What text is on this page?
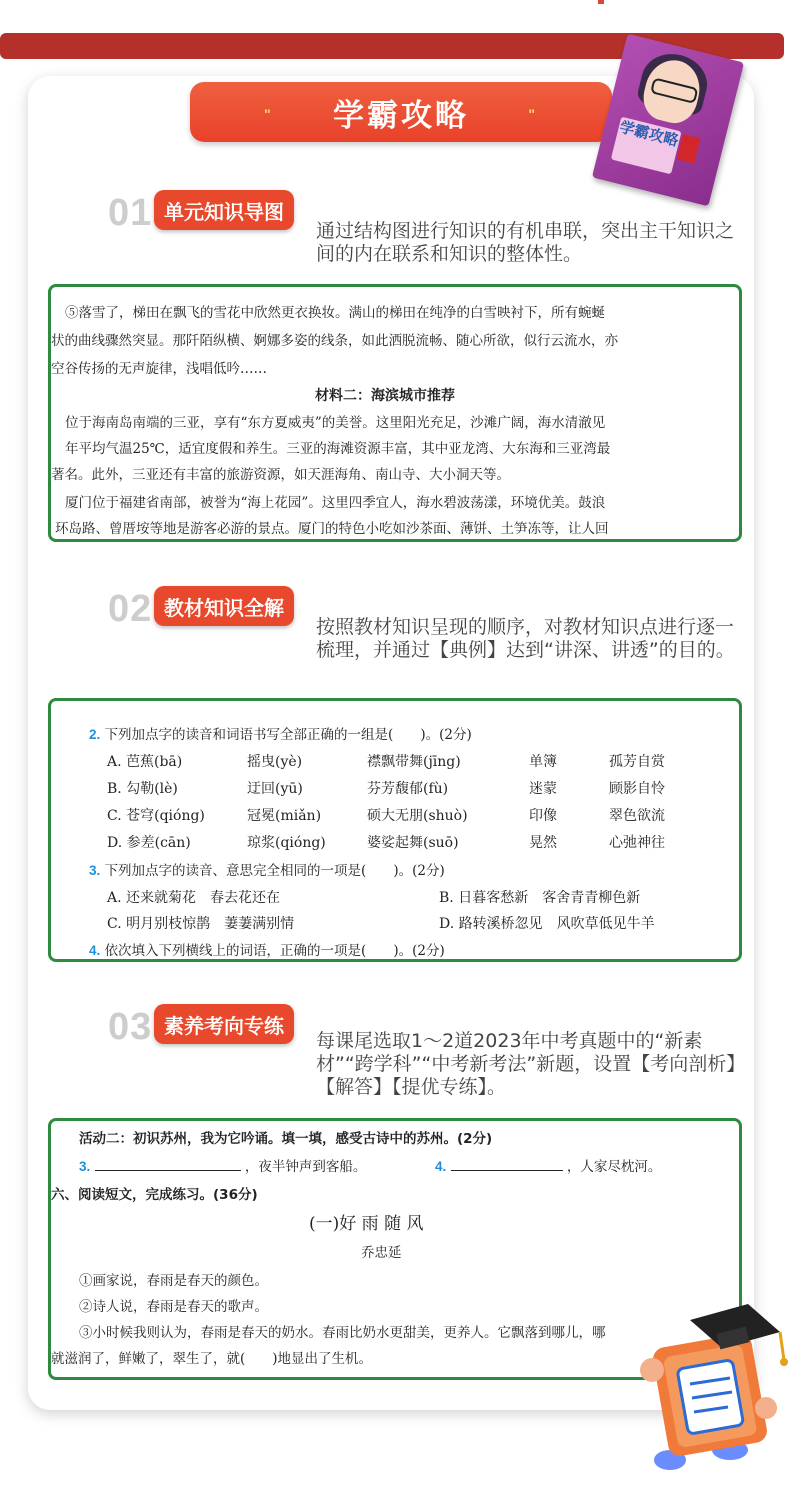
" 学霸攻略	"
学霸攻略
01 单元知识导图
通过结构图进行知识的有机串联，突出主干知识之间的内在联系和知识的整体性。
⑤落雪了，梯田在飘飞的雪花中欣然更衣换妆。满山的梯田在纯净的白雪映衬下，所有蜿蜒
状的曲线骤然突显。那阡陌纵横、婀娜多姿的线条，如此洒脱流畅、随心所欲，似行云流水，亦
空谷传扬的无声旋律，浅唱低吟……
材料二：海滨城市推荐
位于海南岛南端的三亚，享有“东方夏威夷”的美誉。这里阳光充足，沙滩广阔，海水清澈见
年平均气温25℃，适宜度假和养生。三亚的海滩资源丰富，其中亚龙湾、大东海和三亚湾最
著名。此外，三亚还有丰富的旅游资源，如天涯海角、南山寺、大小洞天等。
厦门位于福建省南部，被誉为“海上花园”。这里四季宜人，海水碧波荡漾，环境优美。鼓浪
环岛路、曾厝垵等地是游客必游的景点。厦门的特色小吃如沙茶面、薄饼、土笋冻等，让人回
02 教材知识全解
按照教材知识呈现的顺序，对教材知识点进行逐一梳理，并通过【典例】达到“讲深、讲透”的目的。
2. 下列加点字的读音和词语书写全部正确的一组是(　　)。(2分)
A. 芭蕉(bā)	摇曳(yè)	襟飘带舞(jīng)	单簿	孤芳自赏
B. 勾勒(lè)	迂回(yū)	芬芳馥郁(fù)	迷蒙	顾影自怜
C. 苍穹(qióng)	冠冕(miǎn)	硕大无朋(shuò)	印像	翠色欲流
D. 参差(cān)	琼浆(qióng)	婆娑起舞(suō)	晃然	心弛神往
3. 下列加点字的读音、意思完全相同的一项是(　　)。(2分)
A. 还来就菊花　春去花还在	B. 日暮客愁新　客舍青青柳色新
C. 明月别枝惊鹊　萋萋满别情	D. 路转溪桥忽见　风吹草低见牛羊
4. 依次填入下列横线上的词语，正确的一项是(　　)。(2分)
03 素养考向专练
每课尾选取1～2道2023年中考真题中的“新素材”“跨学科”“中考新考法”新题，设置【考向剖析】【解答】【提优专练】。
活动二：初识苏州，我为它吟诵。填一填，感受古诗中的苏州。(2分)
3.	，夜半钟声到客船。	4.	，人家尽枕河。
六、阅读短文，完成练习。(36分)
(一)好 雨 随 风
乔忠延
①画家说，春雨是春天的颜色。
②诗人说，春雨是春天的歌声。
③小时候我则认为，春雨是春天的奶水。春雨比奶水更甜美，更养人。它飘落到哪儿，哪
就滋润了，鲜嫩了，翠生了，就(　　)地显出了生机。
